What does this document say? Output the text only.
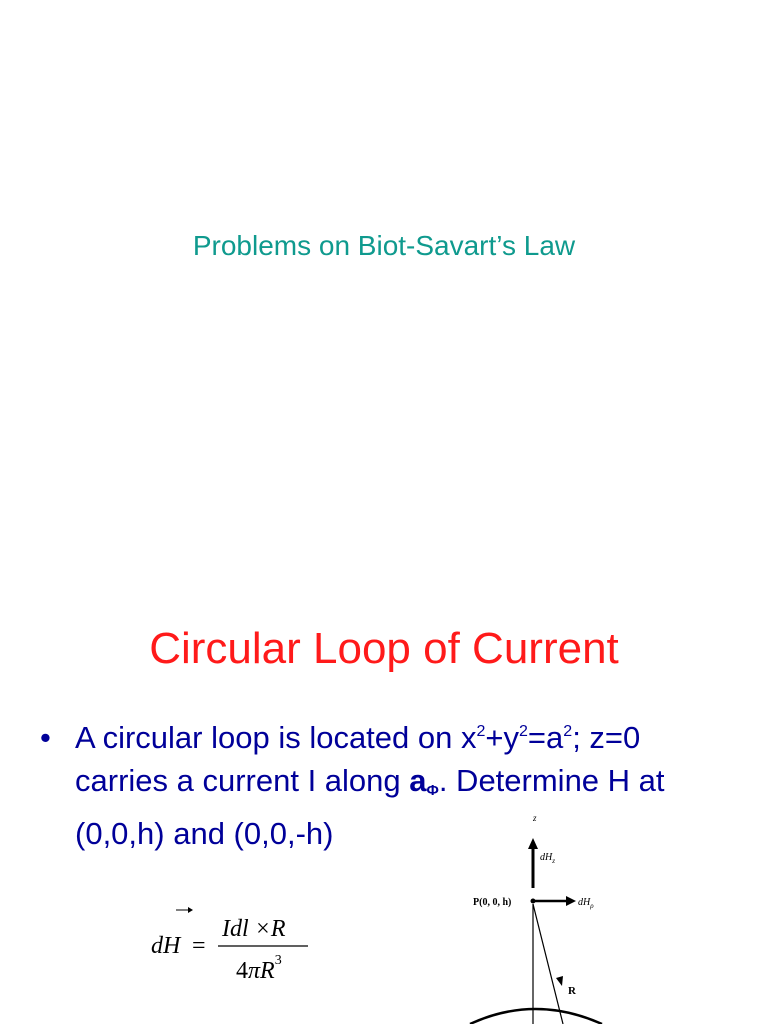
Problems on Biot-Savart’s Law
Circular Loop of Current
• A circular loop is located on $x^2+y^2=a^2$; z=0 carries a current I along aΦ. Determine H at (0,0,h) and (0,0,-h)
dH =
Idl ×R
$4\pi R^3$
z
$dH_z$
P(0, 0, h)	$dH_\rho$
R
